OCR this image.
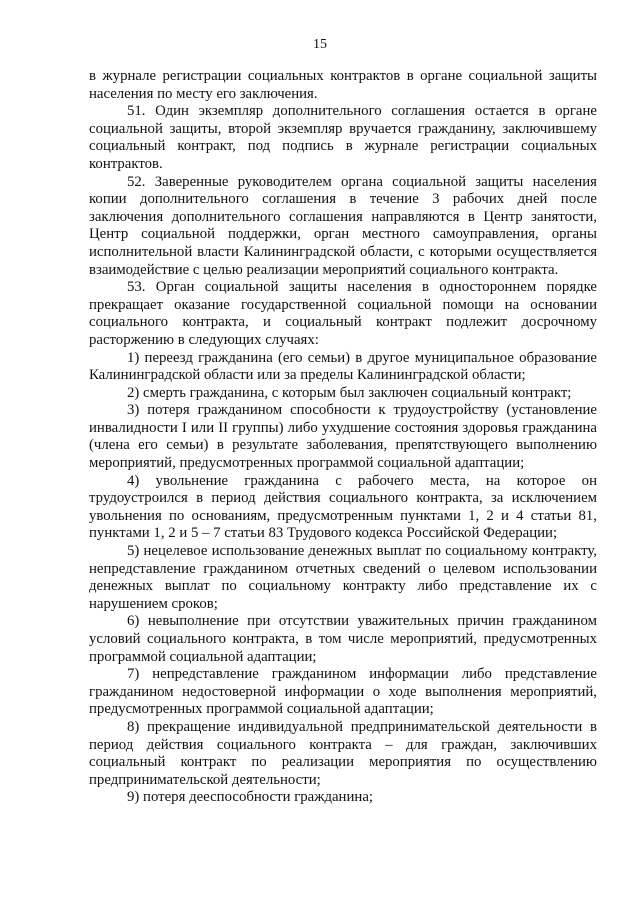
15

в журнале регистрации социальных контрактов в органе социальной защиты населения по месту его заключения.

51. Один экземпляр дополнительного соглашения остается в органе социальной защиты, второй экземпляр вручается гражданину, заключившему социальный контракт, под подпись в журнале регистрации социальных контрактов.

52. Заверенные руководителем органа социальной защиты населения копии дополнительного соглашения в течение 3 рабочих дней после заключения дополнительного соглашения направляются в Центр занятости, Центр социальной поддержки, орган местного самоуправления, органы исполнительной власти Калининградской области, с которыми осуществляется взаимодействие с целью реализации мероприятий социального контракта.

53. Орган социальной защиты населения в одностороннем порядке прекращает оказание государственной социальной помощи на основании социального контракта, и социальный контракт подлежит досрочному расторжению в следующих случаях:

1) переезд гражданина (его семьи) в другое муниципальное образование Калининградской области или за пределы Калининградской области;

2) смерть гражданина, с которым был заключен социальный контракт;

3) потеря гражданином способности к трудоустройству (установление инвалидности I или II группы) либо ухудшение состояния здоровья гражданина (члена его семьи) в результате заболевания, препятствующего выполнению мероприятий, предусмотренных программой социальной адаптации;

4) увольнение гражданина с рабочего места, на которое он трудоустроился в период действия социального контракта, за исключением увольнения по основаниям, предусмотренным пунктами 1, 2 и 4 статьи 81, пунктами 1, 2 и 5 – 7 статьи 83 Трудового кодекса Российской Федерации;

5) нецелевое использование денежных выплат по социальному контракту, непредставление гражданином отчетных сведений о целевом использовании денежных выплат по социальному контракту либо представление их с нарушением сроков;

6) невыполнение при отсутствии уважительных причин гражданином условий социального контракта, в том числе мероприятий, предусмотренных программой социальной адаптации;

7) непредставление гражданином информации либо представление гражданином недостоверной информации о ходе выполнения мероприятий, предусмотренных программой социальной адаптации;

8) прекращение индивидуальной предпринимательской деятельности в период действия социального контракта – для граждан, заключивших социальный контракт по реализации мероприятия по осуществлению предпринимательской деятельности;

9) потеря дееспособности гражданина;
